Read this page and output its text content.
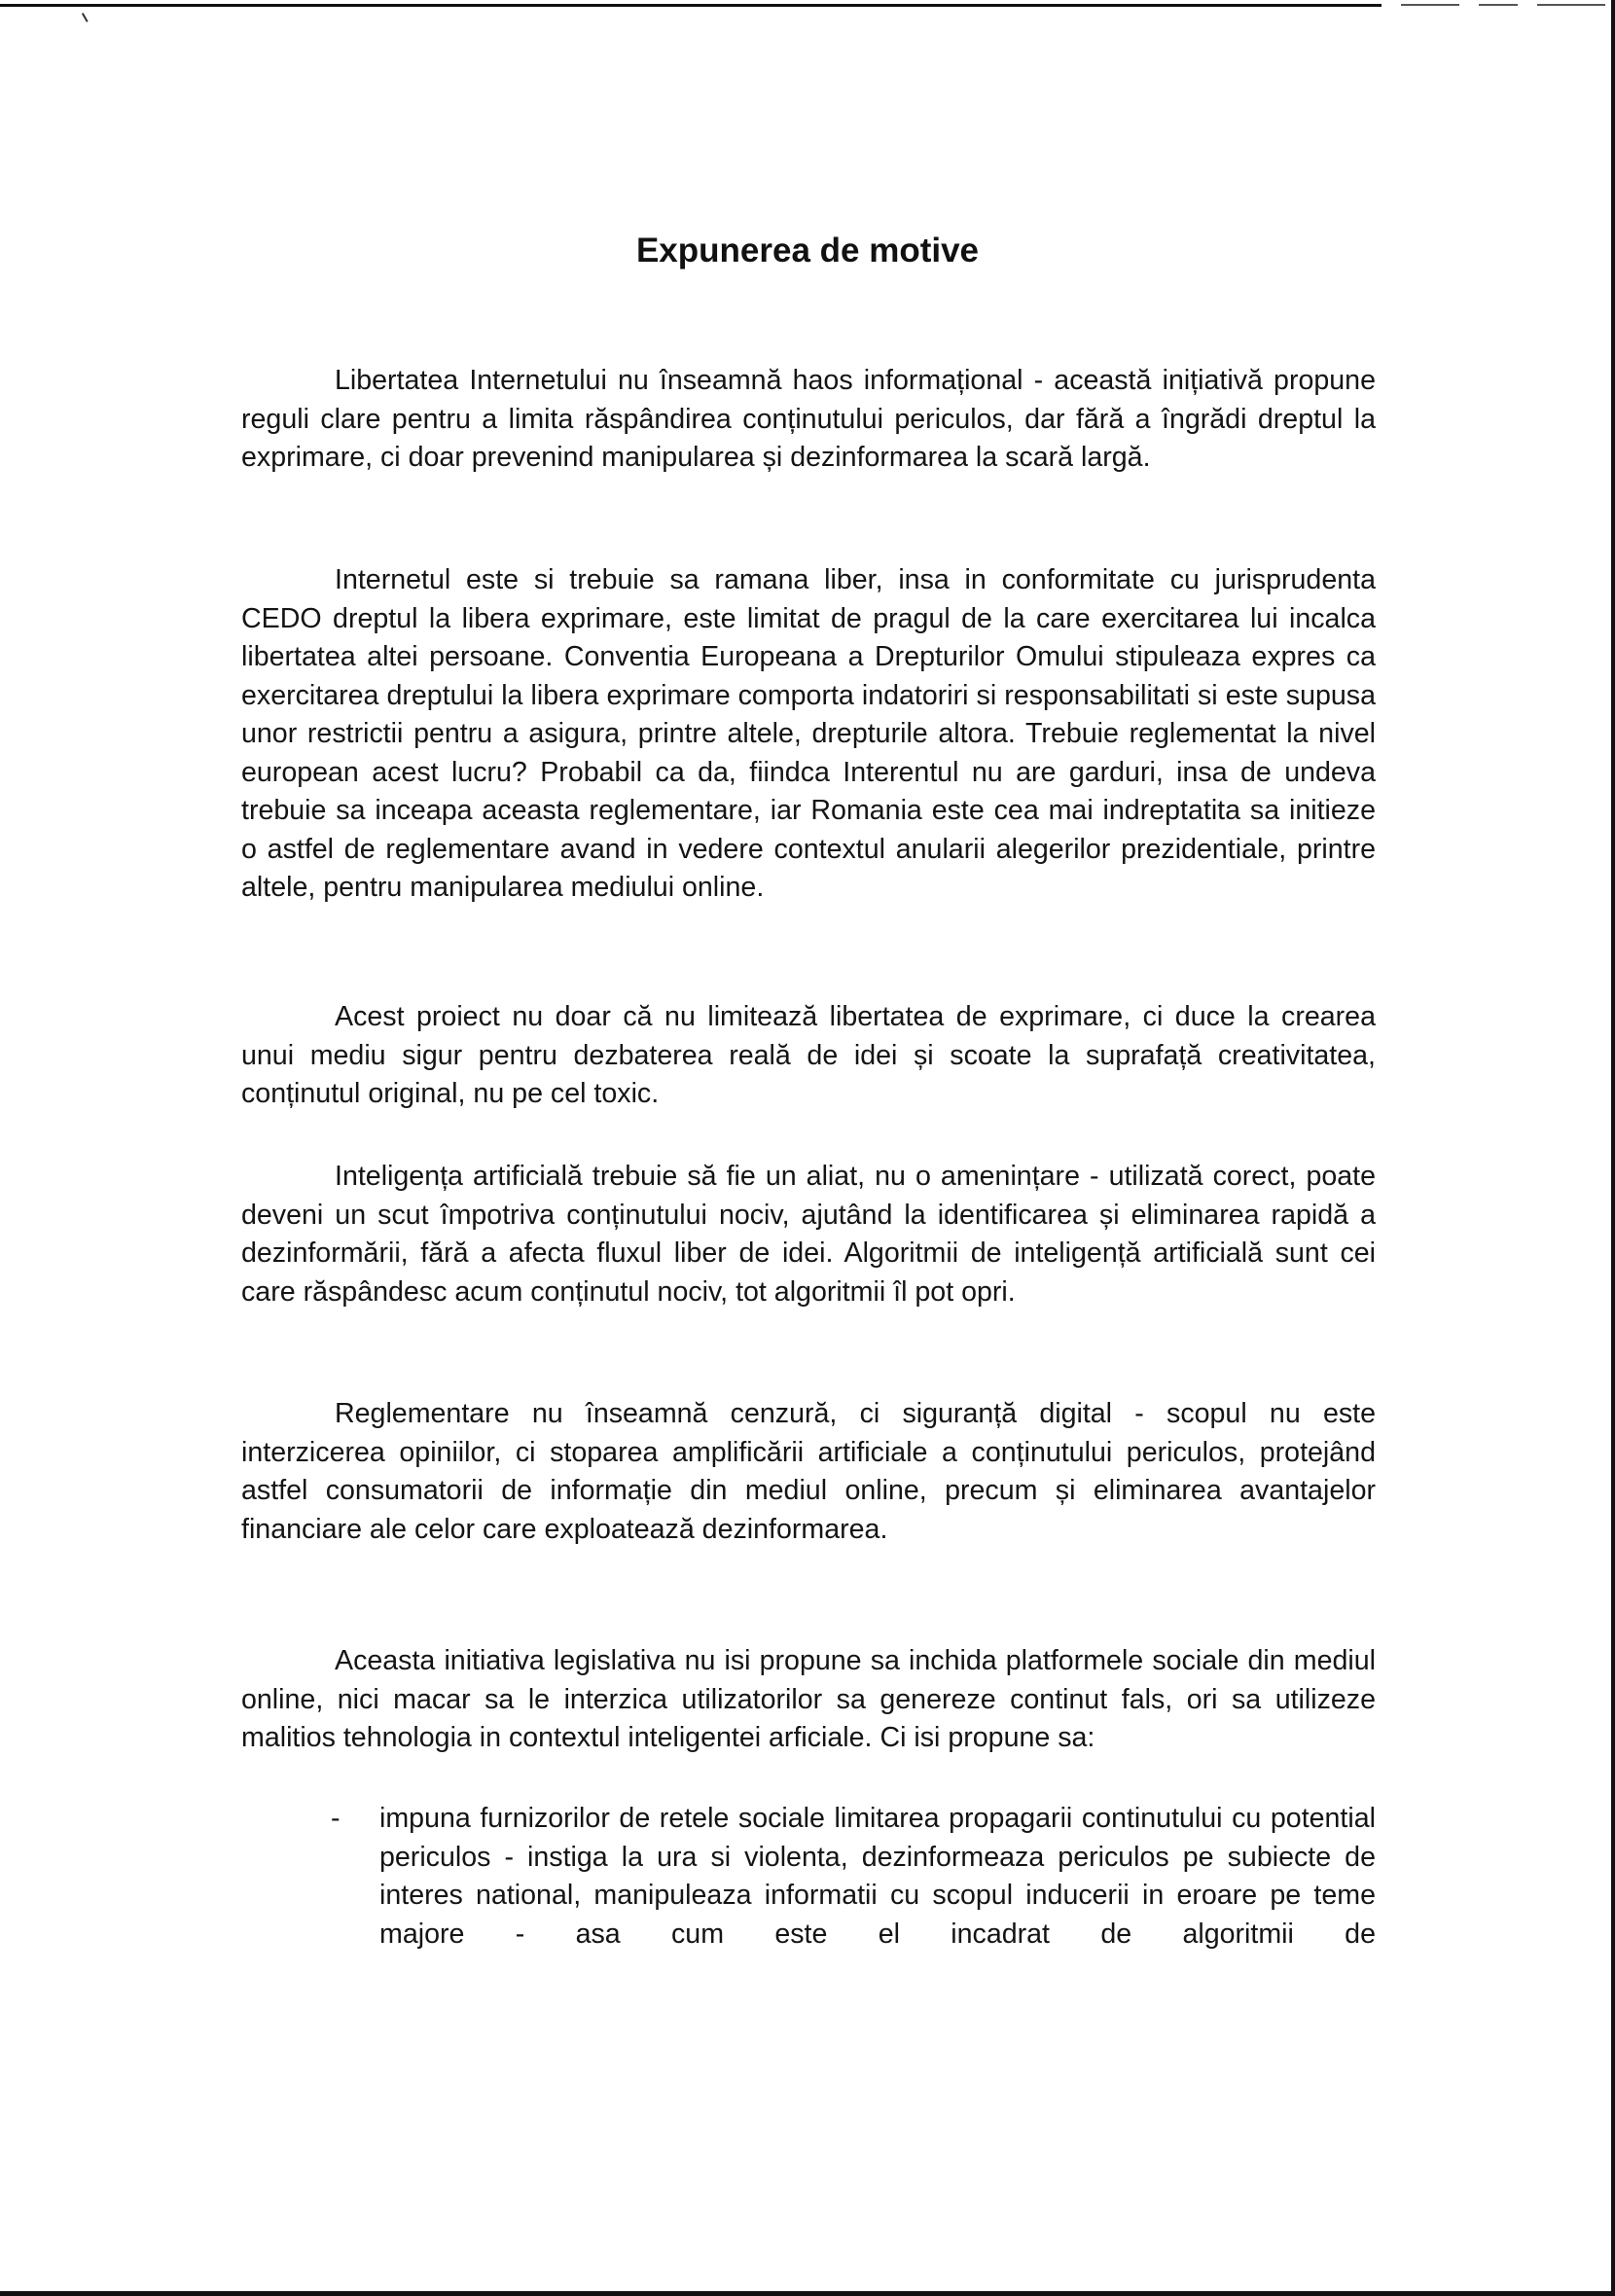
Expunerea de motive

Libertatea Internetului nu înseamnă haos informațional - această inițiativă propune reguli clare pentru a limita răspândirea conținutului periculos, dar fără a îngrădi dreptul la exprimare, ci doar prevenind manipularea și dezinformarea la scară largă.

Internetul este si trebuie sa ramana liber, insa in conformitate cu jurisprudenta CEDO dreptul la libera exprimare, este limitat de pragul de la care exercitarea lui incalca libertatea altei persoane. Conventia Europeana a Drepturilor Omului stipuleaza expres ca exercitarea dreptului la libera exprimare comporta indatoriri si responsabilitati si este supusa unor restrictii pentru a asigura, printre altele, drepturile altora. Trebuie reglementat la nivel european acest lucru? Probabil ca da, fiindca Interentul nu are garduri, insa de undeva trebuie sa inceapa aceasta reglementare, iar Romania este cea mai indreptatita sa initieze o astfel de reglementare avand in vedere contextul anularii alegerilor prezidentiale, printre altele, pentru manipularea mediului online.

Acest proiect nu doar că nu limitează libertatea de exprimare, ci duce la crearea unui mediu sigur pentru dezbaterea reală de idei și scoate la suprafață creativitatea, conținutul original, nu pe cel toxic.

Inteligența artificială trebuie să fie un aliat, nu o amenințare - utilizată corect, poate deveni un scut împotriva conținutului nociv, ajutând la identificarea și eliminarea rapidă a dezinformării, fără a afecta fluxul liber de idei. Algoritmii de inteligență artificială sunt cei care răspândesc acum conținutul nociv, tot algoritmii îl pot opri.

Reglementare nu înseamnă cenzură, ci siguranță digital - scopul nu este interzicerea opiniilor, ci stoparea amplificării artificiale a conținutului periculos, protejând astfel consumatorii de informație din mediul online, precum și eliminarea avantajelor financiare ale celor care exploatează dezinformarea.

Aceasta initiativa legislativa nu isi propune sa inchida platformele sociale din mediul online, nici macar sa le interzica utilizatorilor sa genereze continut fals, ori sa utilizeze malitios tehnologia in contextul inteligentei arficiale. Ci isi propune sa:

- impuna furnizorilor de retele sociale limitarea propagarii continutului cu potential periculos - instiga la ura si violenta, dezinformeaza periculos pe subiecte de interes national, manipuleaza informatii cu scopul inducerii in eroare pe teme majore - asa cum este el incadrat de algoritmii de
